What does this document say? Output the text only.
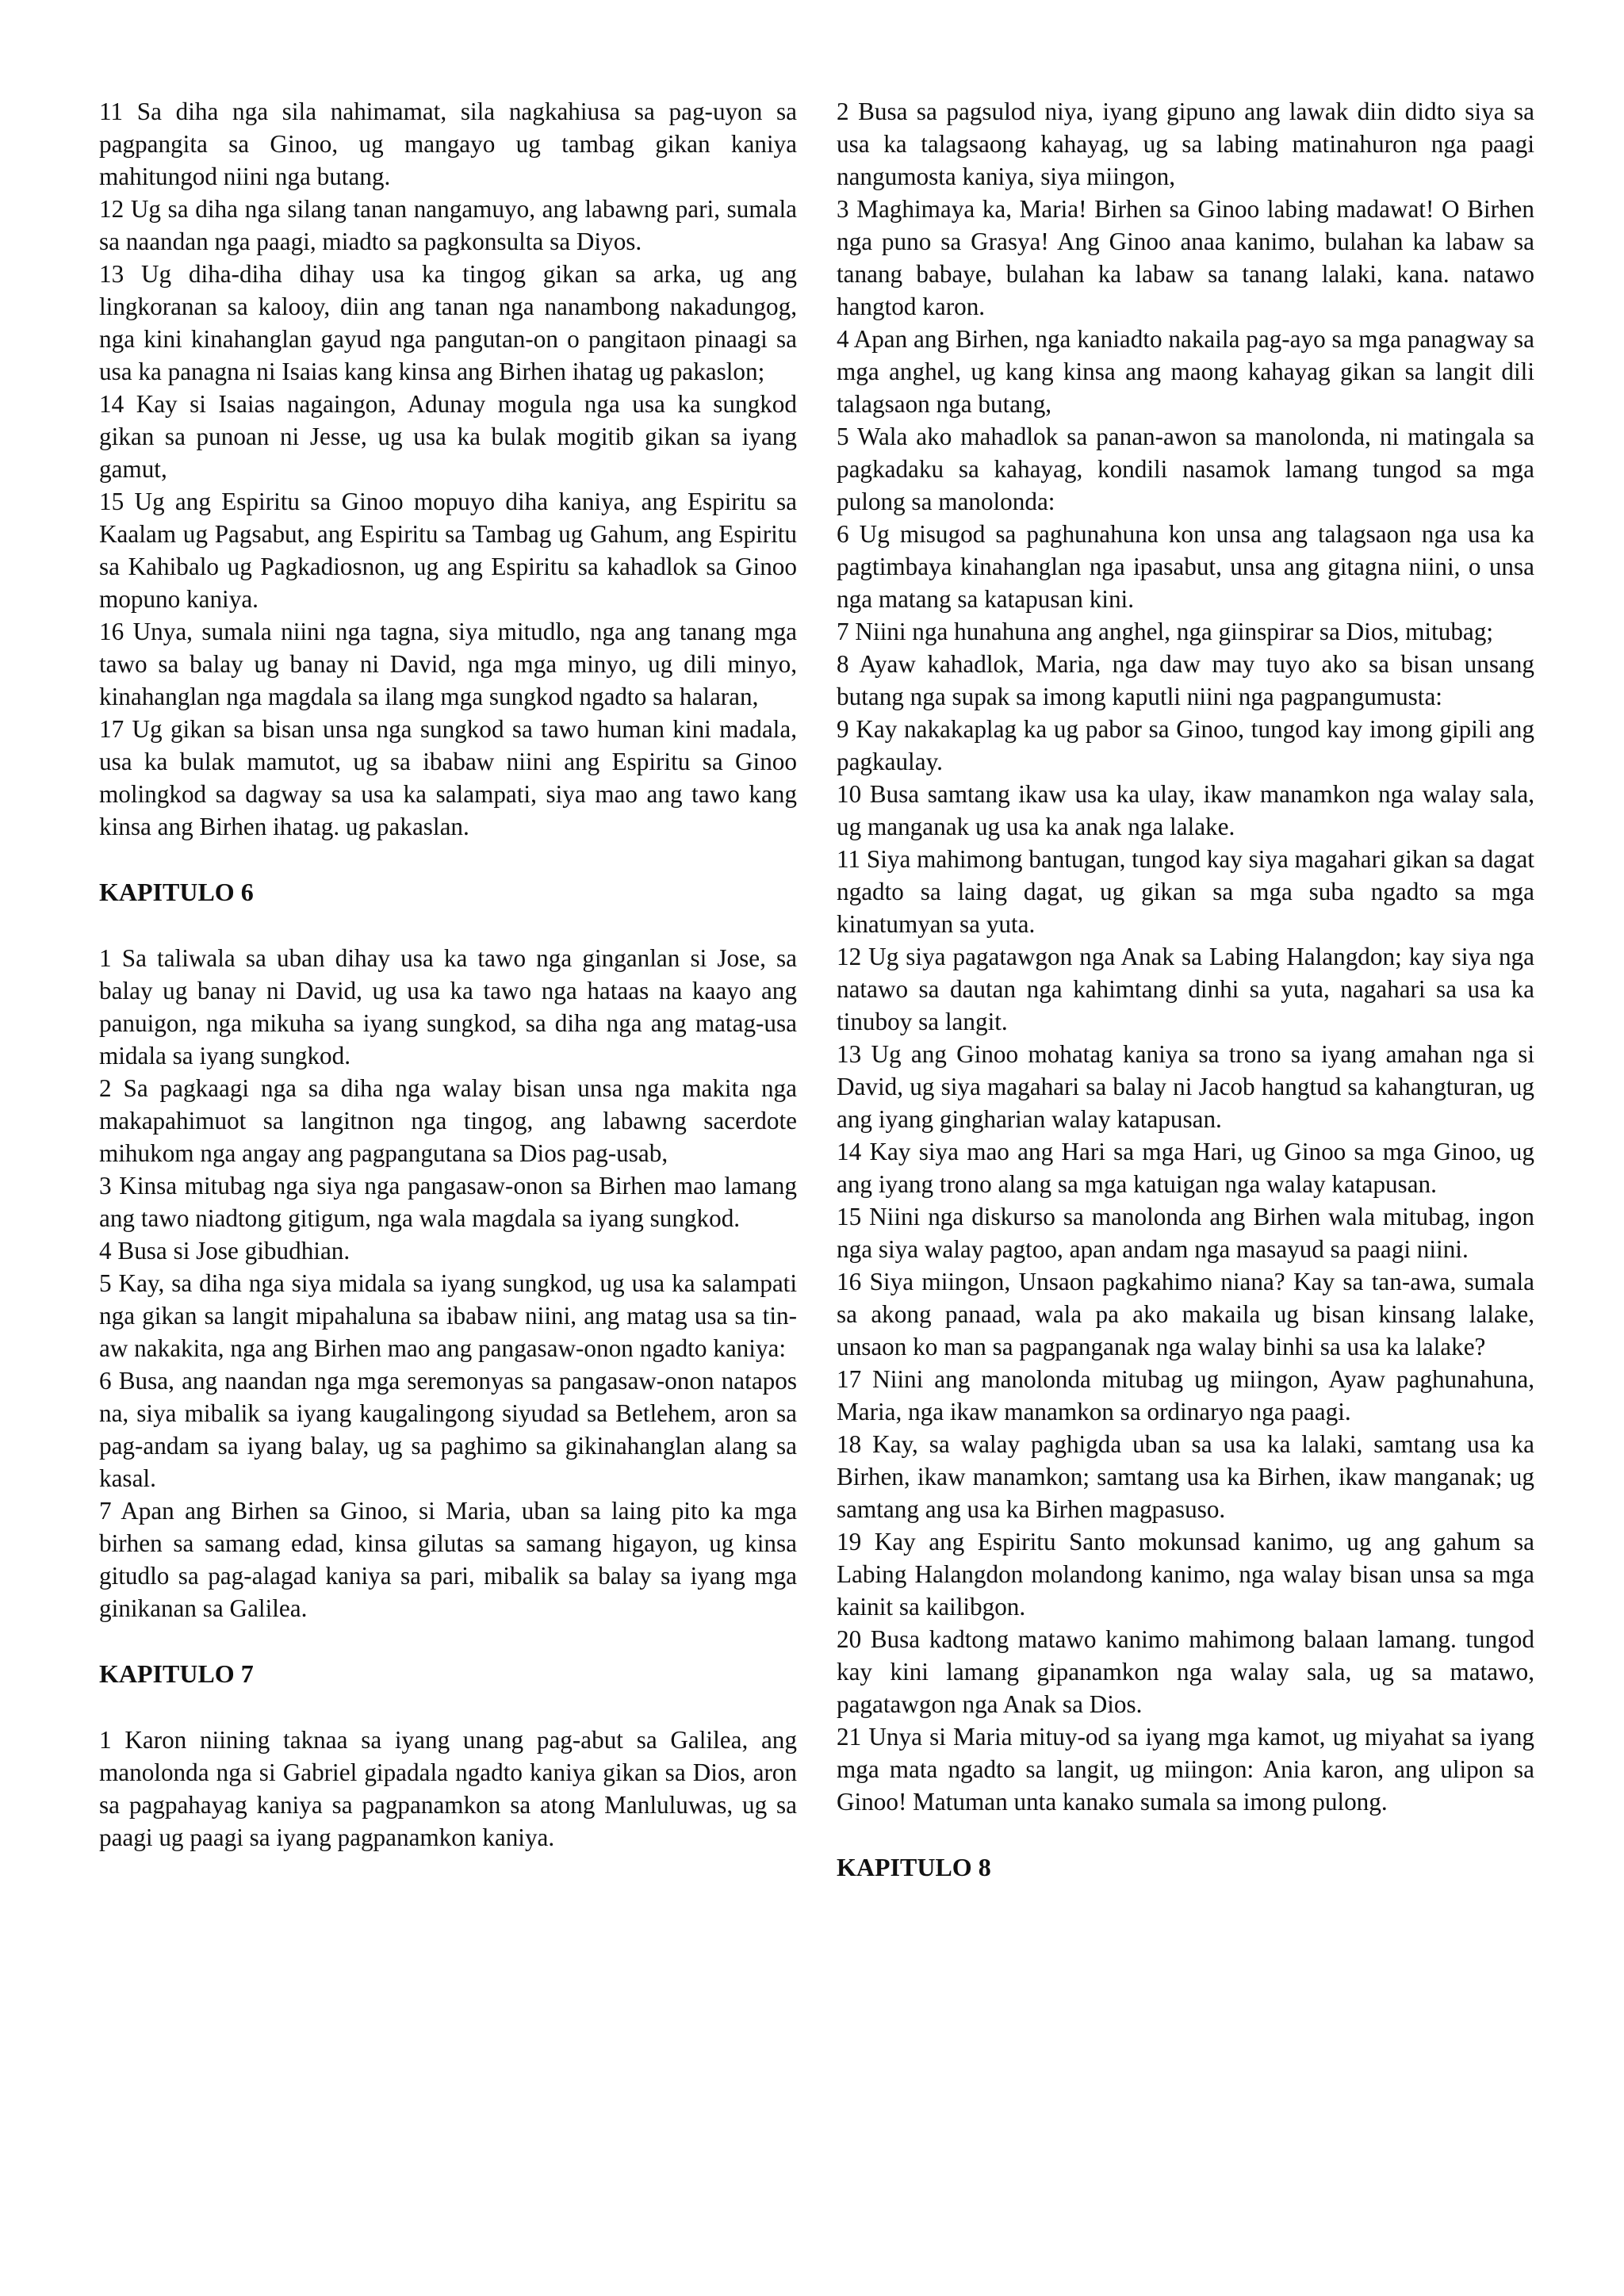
11 Sa diha nga sila nahimamat, sila nagkahiusa sa pag-uyon sa pagpangita sa Ginoo, ug mangayo ug tambag gikan kaniya mahitungod niini nga butang.

12 Ug sa diha nga silang tanan nangamuyo, ang labawng pari, sumala sa naandan nga paagi, miadto sa pagkonsulta sa Diyos.

13 Ug diha-diha dihay usa ka tingog gikan sa arka, ug ang lingkoranan sa kalooy, diin ang tanan nga nanambong nakadungog, nga kini kinahanglan gayud nga pangutan-on o pangitaon pinaagi sa usa ka panagna ni Isaias kang kinsa ang Birhen ihatag ug pakaslon;

14 Kay si Isaias nagaingon, Adunay mogula nga usa ka sungkod gikan sa punoan ni Jesse, ug usa ka bulak mogitib gikan sa iyang gamut,

15 Ug ang Espiritu sa Ginoo mopuyo diha kaniya, ang Espiritu sa Kaalam ug Pagsabut, ang Espiritu sa Tambag ug Gahum, ang Espiritu sa Kahibalo ug Pagkadiosnon, ug ang Espiritu sa kahadlok sa Ginoo mopuno kaniya.

16 Unya, sumala niini nga tagna, siya mitudlo, nga ang tanang mga tawo sa balay ug banay ni David, nga mga minyo, ug dili minyo, kinahanglan nga magdala sa ilang mga sungkod ngadto sa halaran,

17 Ug gikan sa bisan unsa nga sungkod sa tawo human kini madala, usa ka bulak mamutot, ug sa ibabaw niini ang Espiritu sa Ginoo molingkod sa dagway sa usa ka salampati, siya mao ang tawo kang kinsa ang Birhen ihatag. ug pakaslan.

KAPITULO 6

1 Sa taliwala sa uban dihay usa ka tawo nga ginganlan si Jose, sa balay ug banay ni David, ug usa ka tawo nga hataas na kaayo ang panuigon, nga mikuha sa iyang sungkod, sa diha nga ang matag-usa midala sa iyang sungkod.

2 Sa pagkaagi nga sa diha nga walay bisan unsa nga makita nga makapahimuot sa langitnon nga tingog, ang labawng sacerdote mihukom nga angay ang pagpangutana sa Dios pag-usab,

3 Kinsa mitubag nga siya nga pangasaw-onon sa Birhen mao lamang ang tawo niadtong gitigum, nga wala magdala sa iyang sungkod.

4 Busa si Jose gibudhian.

5 Kay, sa diha nga siya midala sa iyang sungkod, ug usa ka salampati nga gikan sa langit mipahaluna sa ibabaw niini, ang matag usa sa tin-aw nakakita, nga ang Birhen mao ang pangasaw-onon ngadto kaniya:

6 Busa, ang naandan nga mga seremonyas sa pangasaw-onon natapos na, siya mibalik sa iyang kaugalingong siyudad sa Betlehem, aron sa pag-andam sa iyang balay, ug sa paghimo sa gikinahanglan alang sa kasal.

7 Apan ang Birhen sa Ginoo, si Maria, uban sa laing pito ka mga birhen sa samang edad, kinsa gilutas sa samang higayon, ug kinsa gitudlo sa pag-alagad kaniya sa pari, mibalik sa balay sa iyang mga ginikanan sa Galilea.

KAPITULO 7

1 Karon niining taknaa sa iyang unang pag-abut sa Galilea, ang manolonda nga si Gabriel gipadala ngadto kaniya gikan sa Dios, aron sa pagpahayag kaniya sa pagpanamkon sa atong Manluluwas, ug sa paagi ug paagi sa iyang pagpanamkon kaniya.

2 Busa sa pagsulod niya, iyang gipuno ang lawak diin didto siya sa usa ka talagsaong kahayag, ug sa labing matinahuron nga paagi nangumosta kaniya, siya miingon,

3 Maghimaya ka, Maria! Birhen sa Ginoo labing madawat! O Birhen nga puno sa Grasya! Ang Ginoo anaa kanimo, bulahan ka labaw sa tanang babaye, bulahan ka labaw sa tanang lalaki, kana. natawo hangtod karon.

4 Apan ang Birhen, nga kaniadto nakaila pag-ayo sa mga panagway sa mga anghel, ug kang kinsa ang maong kahayag gikan sa langit dili talagsaon nga butang,

5 Wala ako mahadlok sa panan-awon sa manolonda, ni matingala sa pagkadaku sa kahayag, kondili nasamok lamang tungod sa mga pulong sa manolonda:

6 Ug misugod sa paghunahuna kon unsa ang talagsaon nga usa ka pagtimbaya kinahanglan nga ipasabut, unsa ang gitagna niini, o unsa nga matang sa katapusan kini.

7 Niini nga hunahuna ang anghel, nga giinspirar sa Dios, mitubag;

8 Ayaw kahadlok, Maria, nga daw may tuyo ako sa bisan unsang butang nga supak sa imong kaputli niini nga pagpangumusta:

9 Kay nakakaplag ka ug pabor sa Ginoo, tungod kay imong gipili ang pagkaulay.

10 Busa samtang ikaw usa ka ulay, ikaw manamkon nga walay sala, ug manganak ug usa ka anak nga lalake.

11 Siya mahimong bantugan, tungod kay siya magahari gikan sa dagat ngadto sa laing dagat, ug gikan sa mga suba ngadto sa mga kinatumyan sa yuta.

12 Ug siya pagatawgon nga Anak sa Labing Halangdon; kay siya nga natawo sa dautan nga kahimtang dinhi sa yuta, nagahari sa usa ka tinuboy sa langit.

13 Ug ang Ginoo mohatag kaniya sa trono sa iyang amahan nga si David, ug siya magahari sa balay ni Jacob hangtud sa kahangturan, ug ang iyang gingharian walay katapusan.

14 Kay siya mao ang Hari sa mga Hari, ug Ginoo sa mga Ginoo, ug ang iyang trono alang sa mga katuigan nga walay katapusan.

15 Niini nga diskurso sa manolonda ang Birhen wala mitubag, ingon nga siya walay pagtoo, apan andam nga masayud sa paagi niini.

16 Siya miingon, Unsaon pagkahimo niana? Kay sa tan-awa, sumala sa akong panaad, wala pa ako makaila ug bisan kinsang lalake, unsaon ko man sa pagpanganak nga walay binhi sa usa ka lalake?

17 Niini ang manolonda mitubag ug miingon, Ayaw paghunahuna, Maria, nga ikaw manamkon sa ordinaryo nga paagi.

18 Kay, sa walay paghigda uban sa usa ka lalaki, samtang usa ka Birhen, ikaw manamkon; samtang usa ka Birhen, ikaw manganak; ug samtang ang usa ka Birhen magpasuso.

19 Kay ang Espiritu Santo mokunsad kanimo, ug ang gahum sa Labing Halangdon molandong kanimo, nga walay bisan unsa sa mga kainit sa kailibgon.

20 Busa kadtong matawo kanimo mahimong balaan lamang. tungod kay kini lamang gipanamkon nga walay sala, ug sa matawo, pagatawgon nga Anak sa Dios.

21 Unya si Maria mituy-od sa iyang mga kamot, ug miyahat sa iyang mga mata ngadto sa langit, ug miingon: Ania karon, ang ulipon sa Ginoo! Matuman unta kanako sumala sa imong pulong.

KAPITULO 8
